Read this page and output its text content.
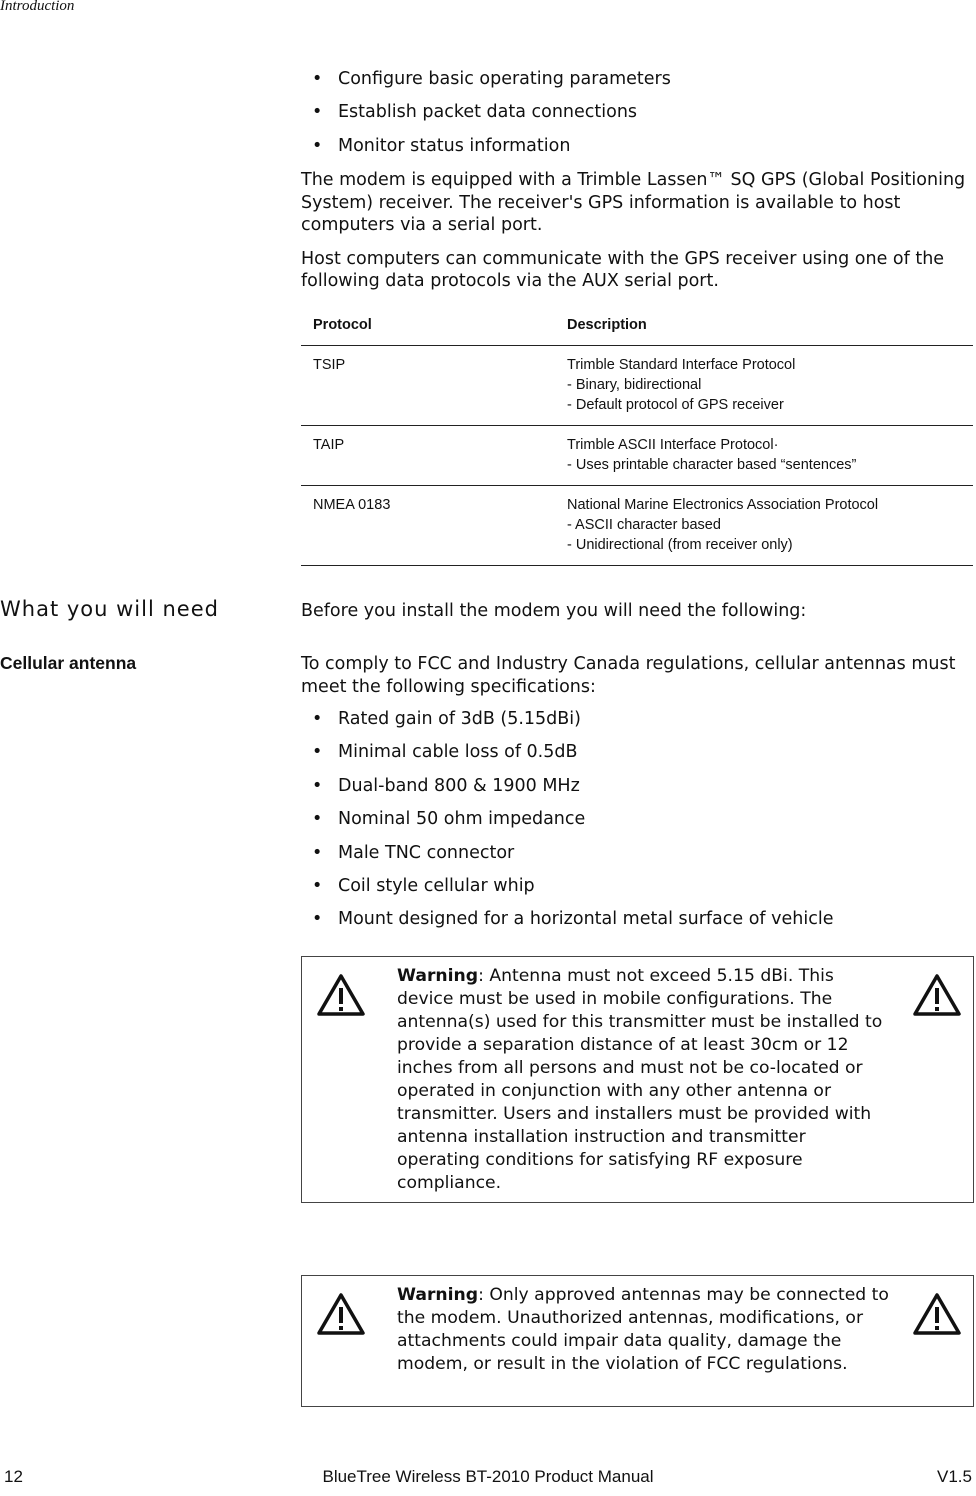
Introduction
• Configure basic operating parameters
• Establish packet data connections
• Monitor status information

The modem is equipped with a Trimble Lassen™ SQ GPS (Global Positioning System) receiver. The receiver's GPS information is available to host computers via a serial port.

Host computers can communicate with the GPS receiver using one of the following data protocols via the AUX serial port.

Protocol	Description
TSIP	Trimble Standard Interface Protocol
- Binary, bidirectional
- Default protocol of GPS receiver

TAIP	Trimble ASCII Interface Protocol·
- Uses printable character based “sentences”

NMEA 0183	National Marine Electronics Association Protocol
- ASCII character based
- Unidirectional (from receiver only)
What you will need	Before you install the modem you will need the following:

Cellular antenna	To comply to FCC and Industry Canada regulations, cellular antennas must meet the following specifications:

• Rated gain of 3dB (5.15dBi)
• Minimal cable loss of 0.5dB
• Dual-band 800 & 1900 MHz
• Nominal 50 ohm impedance
• Male TNC connector
• Coil style cellular whip
• Mount designed for a horizontal metal surface of vehicle
Warning: Antenna must not exceed 5.15 dBi. This device must be used in mobile configurations. The antenna(s) used for this transmitter must be installed to provide a separation distance of at least 30cm or 12 inches from all persons and must not be co-located or operated in conjunction with any other antenna or transmitter. Users and installers must be provided with antenna installation instruction and transmitter operating conditions for satisfying RF exposure compliance.
Warning: Only approved antennas may be connected to the modem. Unauthorized antennas, modifications, or attachments could impair data quality, damage the modem, or result in the violation of FCC regulations.
12	BlueTree Wireless BT-2010 Product Manual	V1.5
